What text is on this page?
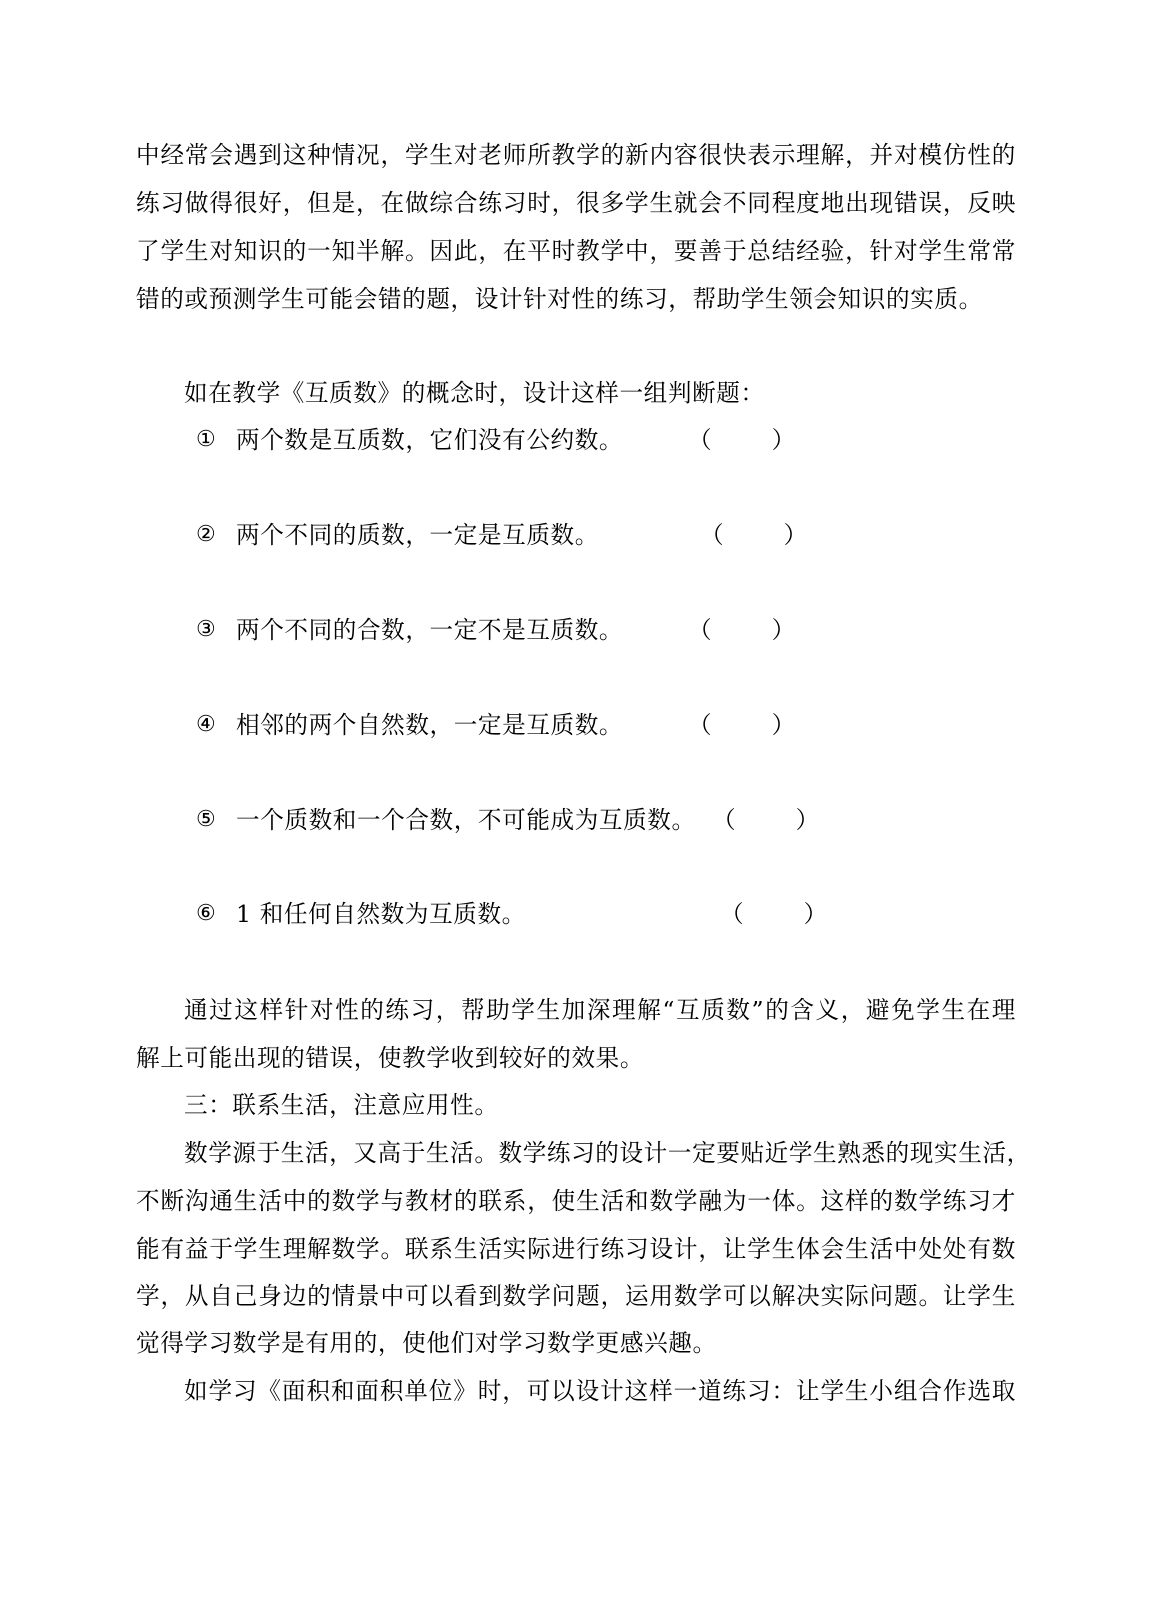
中经常会遇到这种情况，学生对老师所教学的新内容很快表示理解，并对模仿性的
练习做得很好，但是，在做综合练习时，很多学生就会不同程度地出现错误，反映
了学生对知识的一知半解。因此，在平时教学中，要善于总结经验，针对学生常常
错的或预测学生可能会错的题，设计针对性的练习，帮助学生领会知识的实质。
如在教学《互质数》的概念时，设计这样一组判断题：
① 两个数是互质数，它们没有公约数。	（        ）
② 两个不同的质数，一定是互质数。	（        ）
③ 两个不同的合数，一定不是互质数。	（        ）
④ 相邻的两个自然数，一定是互质数。	（        ）
⑤ 一个质数和一个合数，不可能成为互质数。 （        ）
⑥ 1 和任何自然数为互质数。	（        ）
通过这样针对性的练习，帮助学生加深理解“互质数”的含义，避免学生在理
解上可能出现的错误，使教学收到较好的效果。
三：联系生活，注意应用性。
数学源于生活，又高于生活。数学练习的设计一定要贴近学生熟悉的现实生活，
不断沟通生活中的数学与教材的联系，使生活和数学融为一体。这样的数学练习才
能有益于学生理解数学。联系生活实际进行练习设计，让学生体会生活中处处有数
学，从自己身边的情景中可以看到数学问题，运用数学可以解决实际问题。让学生
觉得学习数学是有用的，使他们对学习数学更感兴趣。
如学习《面积和面积单位》时，可以设计这样一道练习：让学生小组合作选取
